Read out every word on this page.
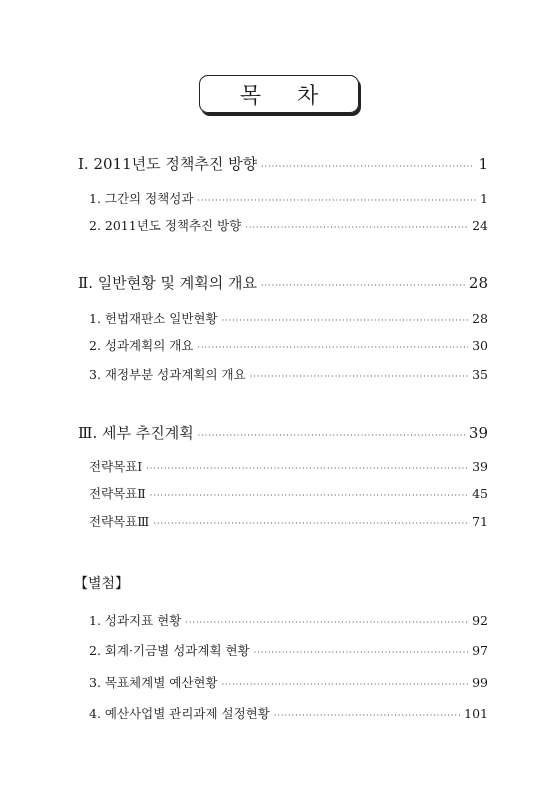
목차
Ⅰ. 2011년도 정책추진 방향 ·····	1
1. 그간의 정책성과 ·····	1
2. 2011년도 정책추진 방향 ·····	24
Ⅱ. 일반현황 및 계획의 개요 ·····	28
1. 헌법재판소 일반현황 ·····	28
2. 성과계획의 개요 ·····	30
3. 재정부분 성과계획의 개요 ·····	35
Ⅲ. 세부 추진계획 ·····	39
전략목표Ⅰ ·····	39
전략목표Ⅱ ·····	45
전략목표Ⅲ ·····	71
【별첨】
1. 성과지표 현황 ·····	92
2. 회계·기금별 성과계획 현황 ·····	97
3. 목표체계별 예산현황 ·····	99
4. 예산사업별 관리과제 설정현황 ·····	101
